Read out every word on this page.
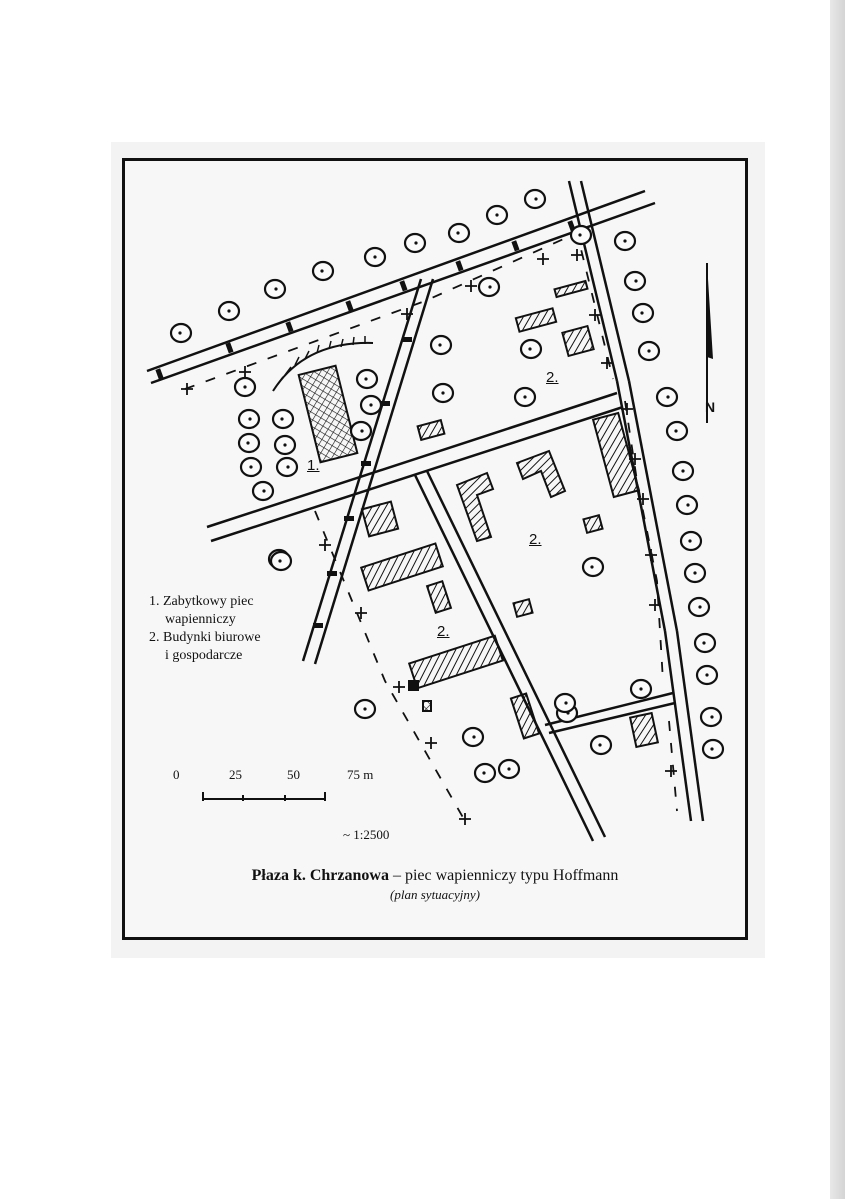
1.
2.
2.
2.
N
1. Zabytkowy piec
wapienniczy
2. Budynki biurowe
i gospodarcze
0	25	50	75 m
~ 1:2500
Płaza k. Chrzanowa – piec wapienniczy typu Hoffmann
(plan sytuacyjny)
